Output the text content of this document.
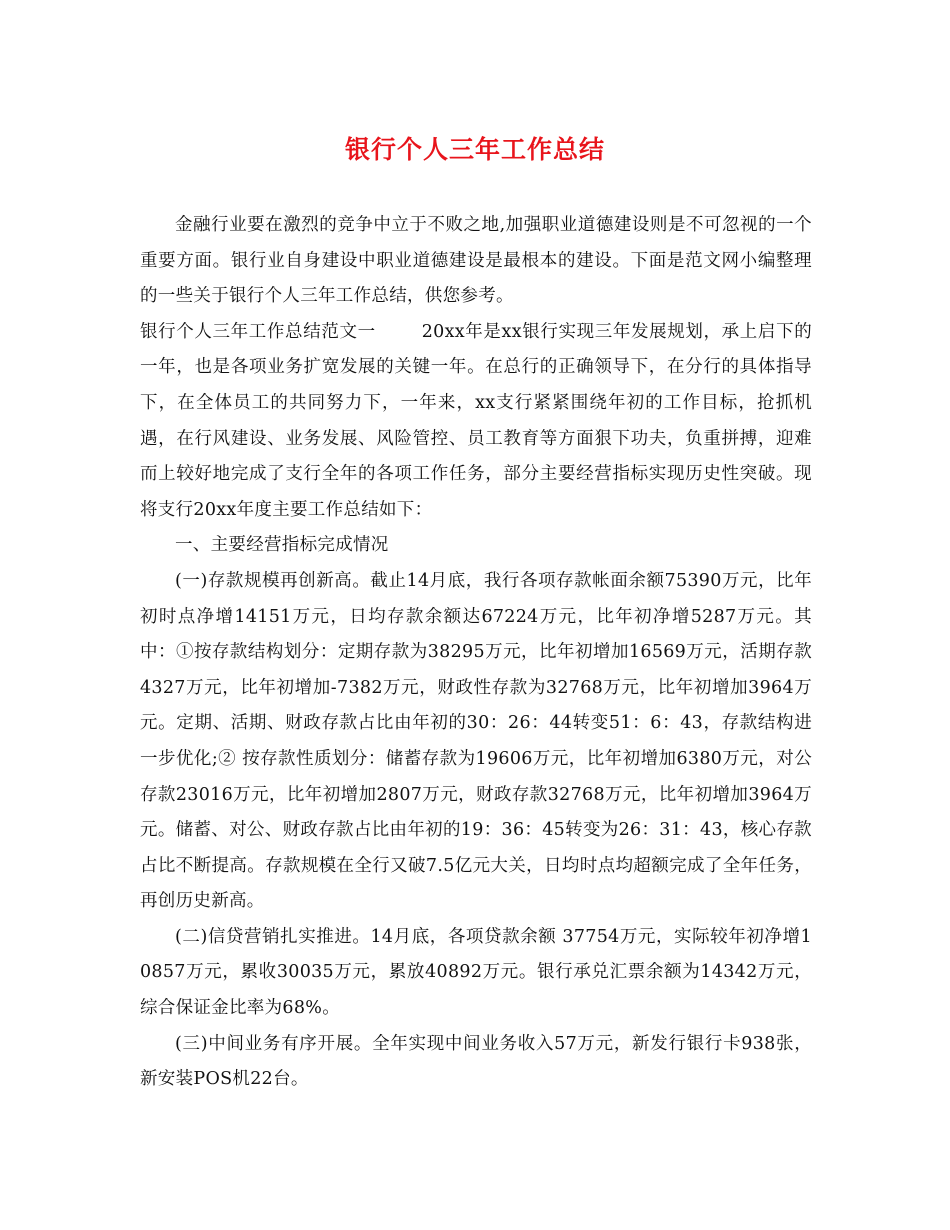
银行个人三年工作总结

金融行业要在激烈的竞争中立于不败之地,加强职业道德建设则是不可忽视的一个重要方面。银行业自身建设中职业道德建设是最根本的建设。下面是范文网小编整理的一些关于银行个人三年工作总结，供您参考。

银行个人三年工作总结范文一	20xx年是xx银行实现三年发展规划，承上启下的一年，也是各项业务扩宽发展的关键一年。在总行的正确领导下，在分行的具体指导下，在全体员工的共同努力下，一年来，xx支行紧紧围绕年初的工作目标，抢抓机遇，在行风建设、业务发展、风险管控、员工教育等方面狠下功夫，负重拼搏，迎难而上较好地完成了支行全年的各项工作任务，部分主要经营指标实现历史性突破。现将支行20xx年度主要工作总结如下：

一、主要经营指标完成情况

(一)存款规模再创新高。截止14月底，我行各项存款帐面余额75390万元，比年初时点净增14151万元，日均存款余额达67224万元，比年初净增5287万元。其中：①按存款结构划分：定期存款为38295万元，比年初增加16569万元，活期存款4327万元，比年初增加-7382万元，财政性存款为32768万元，比年初增加3964万元。定期、活期、财政存款占比由年初的30：26：44转变51：6：43，存款结构进一步优化;② 按存款性质划分：储蓄存款为19606万元，比年初增加6380万元，对公存款23016万元，比年初增加2807万元，财政存款32768万元，比年初增加3964万元。储蓄、对公、财政存款占比由年初的19：36：45转变为26：31：43，核心存款占比不断提高。存款规模在全行又破7.5亿元大关，日均时点均超额完成了全年任务，再创历史新高。

(二)信贷营销扎实推进。14月底，各项贷款余额 37754万元，实际较年初净增10857万元，累收30035万元，累放40892万元。银行承兑汇票余额为14342万元，综合保证金比率为68%。

(三)中间业务有序开展。全年实现中间业务收入57万元，新发行银行卡938张，新安装POS机22台。
